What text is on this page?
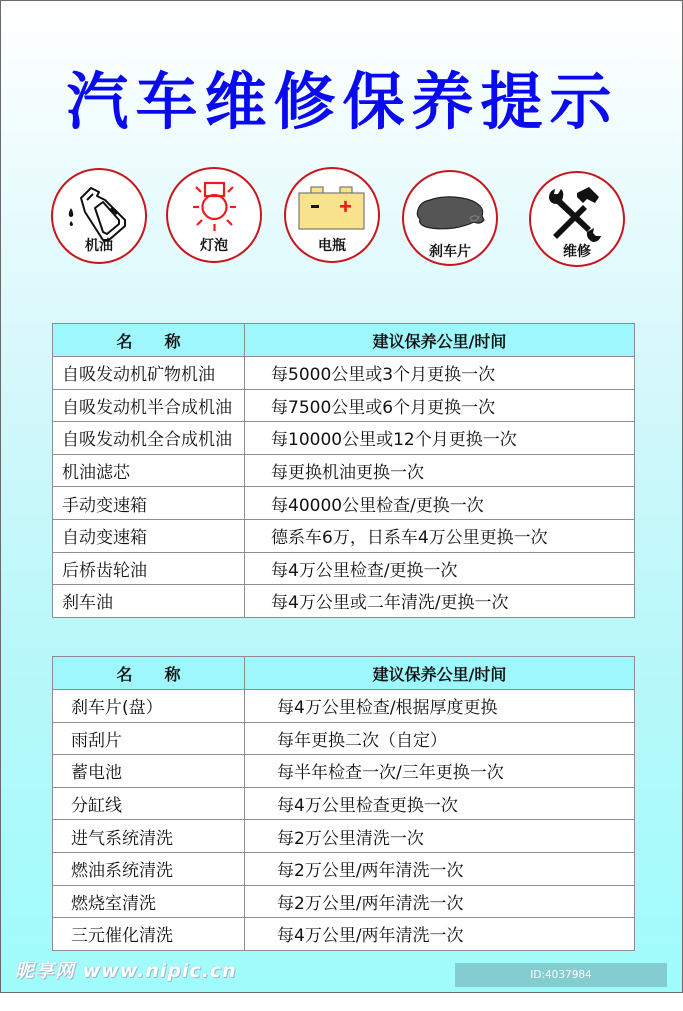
汽车维修保养提示
机油	灯泡	电瓶	刹车片	维修
名　　称	建议保养公里/时间
自吸发动机矿物机油	每5000公里或3个月更换一次
自吸发动机半合成机油	每7500公里或6个月更换一次
自吸发动机全合成机油	每10000公里或12个月更换一次
机油滤芯	每更换机油更换一次
手动变速箱	每40000公里检查/更换一次
自动变速箱	德系车6万，日系车4万公里更换一次
后桥齿轮油	每4万公里检查/更换一次
刹车油	每4万公里或二年清洗/更换一次
名　　称	建议保养公里/时间
刹车片(盘）	每4万公里检查/根据厚度更换
雨刮片	每年更换二次（自定）
蓄电池	每半年检查一次/三年更换一次
分缸线	每4万公里检查更换一次
进气系统清洗	每2万公里清洗一次
燃油系统清洗	每2万公里/两年清洗一次
燃烧室清洗	每2万公里/两年清洗一次
三元催化清洗	每4万公里/两年清洗一次
昵享网 www.nipic.cn	ID:4037984 NO:20191012103803788876
